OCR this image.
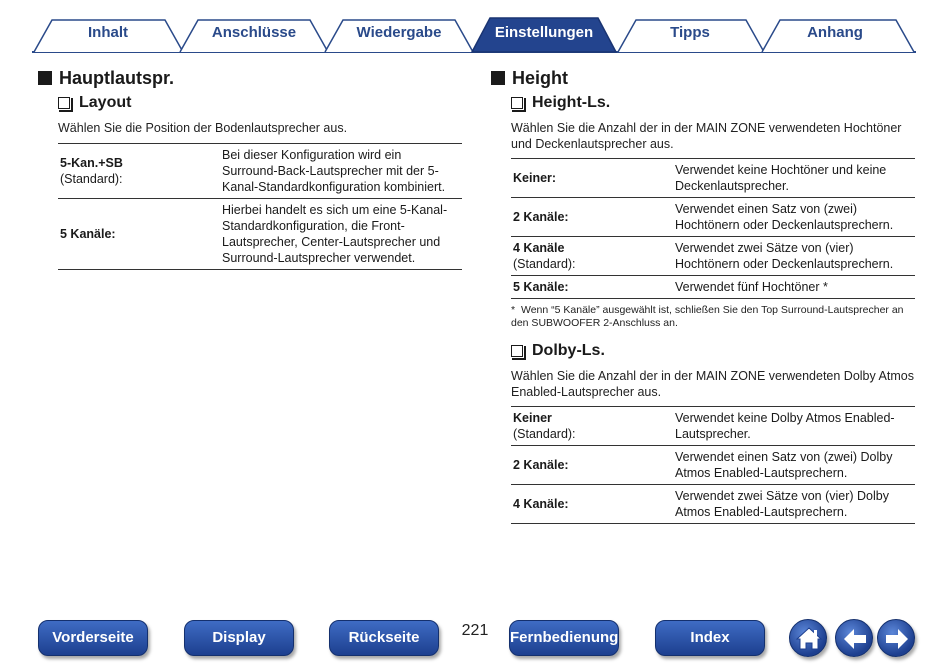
Inhalt	Anschlüsse	Wiedergabe	Einstellungen	Tipps	Anhang
Hauptlautspr.
Layout
Wählen Sie die Position der Bodenlautsprecher aus.
5-Kan.+SB
(Standard):	Bei dieser Konfiguration wird ein Surround-Back-Lautsprecher mit der 5-Kanal-Standardkonfiguration kombiniert.
5 Kanäle:	Hierbei handelt es sich um eine 5-Kanal-Standardkonfiguration, die Front-Lautsprecher, Center-Lautsprecher und Surround-Lautsprecher verwendet.
Height
Height-Ls.
Wählen Sie die Anzahl der in der MAIN ZONE verwendeten Hochtöner und Deckenlautsprecher aus.
Keiner:	Verwendet keine Hochtöner und keine Deckenlautsprecher.
2 Kanäle:	Verwendet einen Satz von (zwei) Hochtönern oder Deckenlautsprechern.
4 Kanäle
(Standard):	Verwendet zwei Sätze von (vier) Hochtönern oder Deckenlautsprechern.
5 Kanäle:	Verwendet fünf Hochtöner *
* Wenn “5 Kanäle” ausgewählt ist, schließen Sie den Top Surround-Lautsprecher an den SUBWOOFER 2-Anschluss an.
Dolby-Ls.
Wählen Sie die Anzahl der in der MAIN ZONE verwendeten Dolby Atmos Enabled-Lautsprecher aus.
Keiner
(Standard):	Verwendet keine Dolby Atmos Enabled-Lautsprecher.
2 Kanäle:	Verwendet einen Satz von (zwei) Dolby Atmos Enabled-Lautsprechern.
4 Kanäle:	Verwendet zwei Sätze von (vier) Dolby Atmos Enabled-Lautsprechern.
Vorderseite	Display	Rückseite	221	Fernbedienung	Index
